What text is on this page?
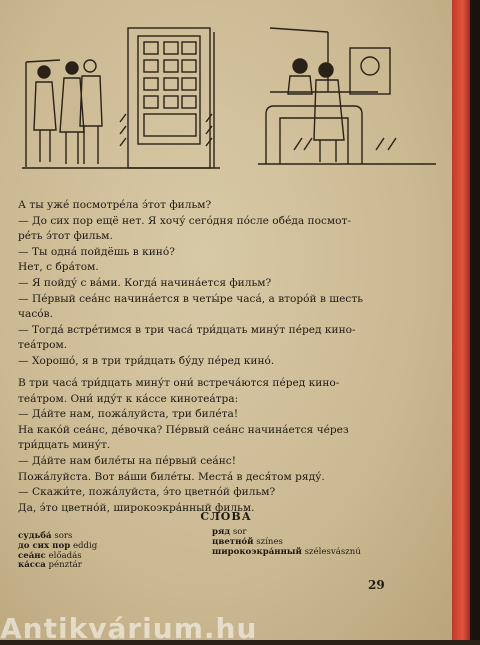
А ты уже́ посмотре́ла э́тот фильм?
— До сих пор ещё нет. Я хочу́ сего́дня по́сле обе́да посмот-
ре́ть э́тот фильм.
— Ты одна́ пойдёшь в кино́?
Нет, с бра́том.
— Я пойду́ с ва́ми. Когда́ начина́ется фильм?
— Пе́рвый сеа́нс начина́ется в четы́ре часа́, а второ́й в шесть
часо́в.
— Тогда́ встре́тимся в три часа́ три́дцать мину́т пе́ред кино-
теа́тром.
— Хорошо́, я в три три́дцать бу́ду пе́ред кино́.
В три часа́ три́дцать мину́т они́ встреча́ются пе́ред кино-
теа́тром. Они́ иду́т к ка́ссе кинотеа́тра:
— Да́йте нам, пожа́луйста, три биле́та!
На како́й сеа́нс, де́вочка? Пе́рвый сеа́нс начина́ется че́рез
три́дцать мину́т.
— Да́йте нам биле́ты на пе́рвый сеа́нс!
Пожа́луйста. Вот ва́ши биле́ты. Места́ в деся́том ряду́.
— Скажи́те, пожа́луйста, э́то цветно́й фильм?
Да, э́то цветно́й, широкоэкра́нный фильм.
СЛОВА́
судьба́ sors
до сих пор eddig
сеа́нс előadás
ка́сса pénztár
ряд sor
цветно́й színes
широкоэкра́нный szélesvásznú
29
Antikvárium.hu
